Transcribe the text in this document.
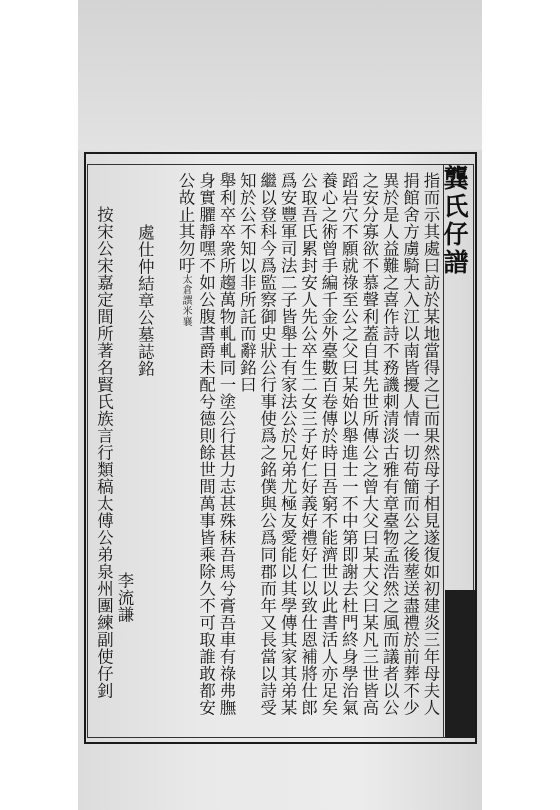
龔氏仔譜
指而示其處曰訪於某地當得之已而果然母子相見遂復如初建炎三年母夫人
捐館舍方虜騎大入江以南皆擾人情一切苟簡而公之後塟送盡禮於前葬不少
異於是人益難之喜作詩不務譏刺清淡古雅有章臺物孟浩然之風而議者以公
之安分寡欲不慕聲利蓋自其先世所傳公之曾大父曰某大父曰某凡三世皆高
蹈岩穴不願就祿至公之父曰某始以舉進士一不中第即謝去杜門終身學治氣
養心之術曾手編千金外臺數百卷傳於時日吾窮不能濟世以此書活人亦足矣
公取吾氏累封安人先公卒生二女三子好仁好義好禮好仁以致仕恩補將仕郎
爲安豐軍司法二子皆舉士有家法公於兄弟尤極友愛能以其學傳其家其弟某
繼以登科今爲監察御史狀公行事使爲之銘僕與公爲同郡而年又長當以詩受
知於公不知以非所託而辭銘曰
舉利卒卒衆所趨萬物軋軋同一塗公行甚力志甚殊秣吾馬兮膏吾車有祿弗膴
身實臞靜嘿不如公腹書爵未配兮德則餘世間萬事皆乘除久不可取誰敢都安
公故止其勿吁太倉譔米襄
處仕仲結章公墓誌銘
李流謙
按宋公宋嘉定間所著名賢氏族言行類稿太傅公弟泉州團練副使仔釗
